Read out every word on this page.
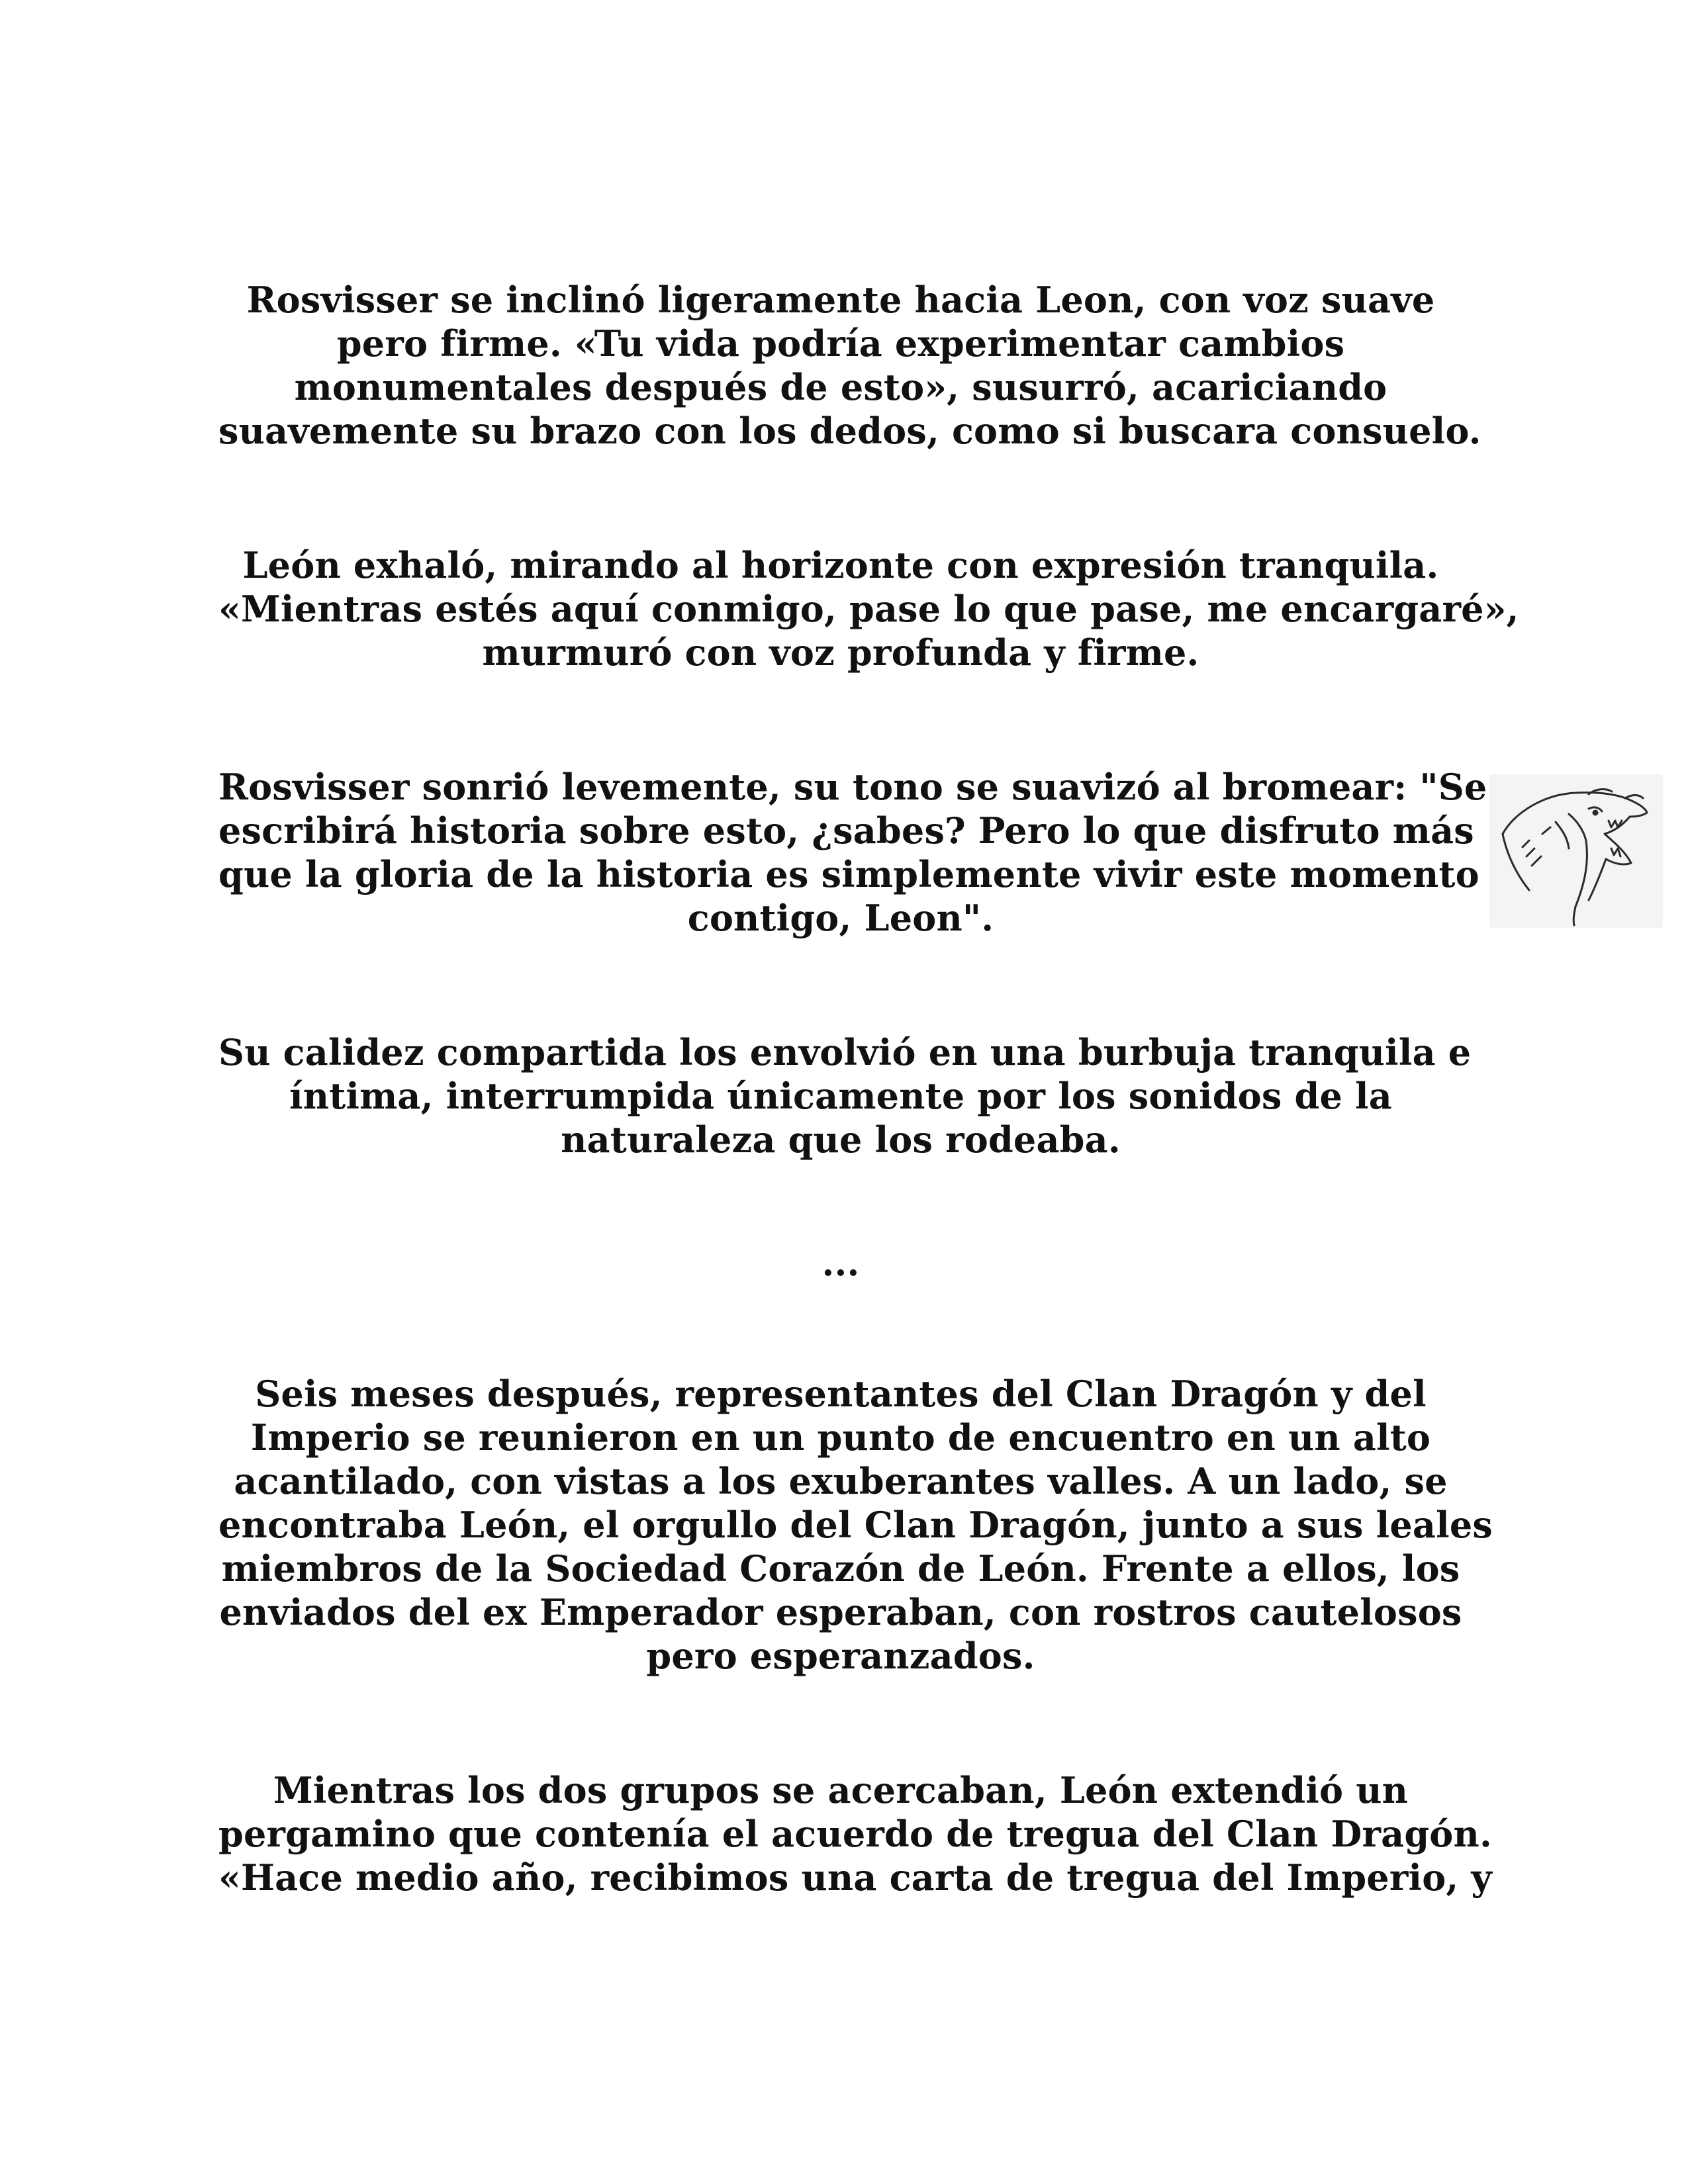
Rosvisser se inclinó ligeramente hacia Leon, con voz suave
pero firme. «Tu vida podría experimentar cambios
monumentales después de esto», susurró, acariciando
suavemente su brazo con los dedos, como si buscara consuelo.

León exhaló, mirando al horizonte con expresión tranquila.
«Mientras estés aquí conmigo, pase lo que pase, me encargaré»,
murmuró con voz profunda y firme.

Rosvisser sonrió levemente, su tono se suavizó al bromear: "Se
escribirá historia sobre esto, ¿sabes? Pero lo que disfruto más
que la gloria de la historia es simplemente vivir este momento
contigo, Leon".

Su calidez compartida los envolvió en una burbuja tranquila e
íntima, interrumpida únicamente por los sonidos de la
naturaleza que los rodeaba.

...

Seis meses después, representantes del Clan Dragón y del
Imperio se reunieron en un punto de encuentro en un alto
acantilado, con vistas a los exuberantes valles. A un lado, se
encontraba León, el orgullo del Clan Dragón, junto a sus leales
miembros de la Sociedad Corazón de León. Frente a ellos, los
enviados del ex Emperador esperaban, con rostros cautelosos
pero esperanzados.

Mientras los dos grupos se acercaban, León extendió un
pergamino que contenía el acuerdo de tregua del Clan Dragón.
«Hace medio año, recibimos una carta de tregua del Imperio, y
